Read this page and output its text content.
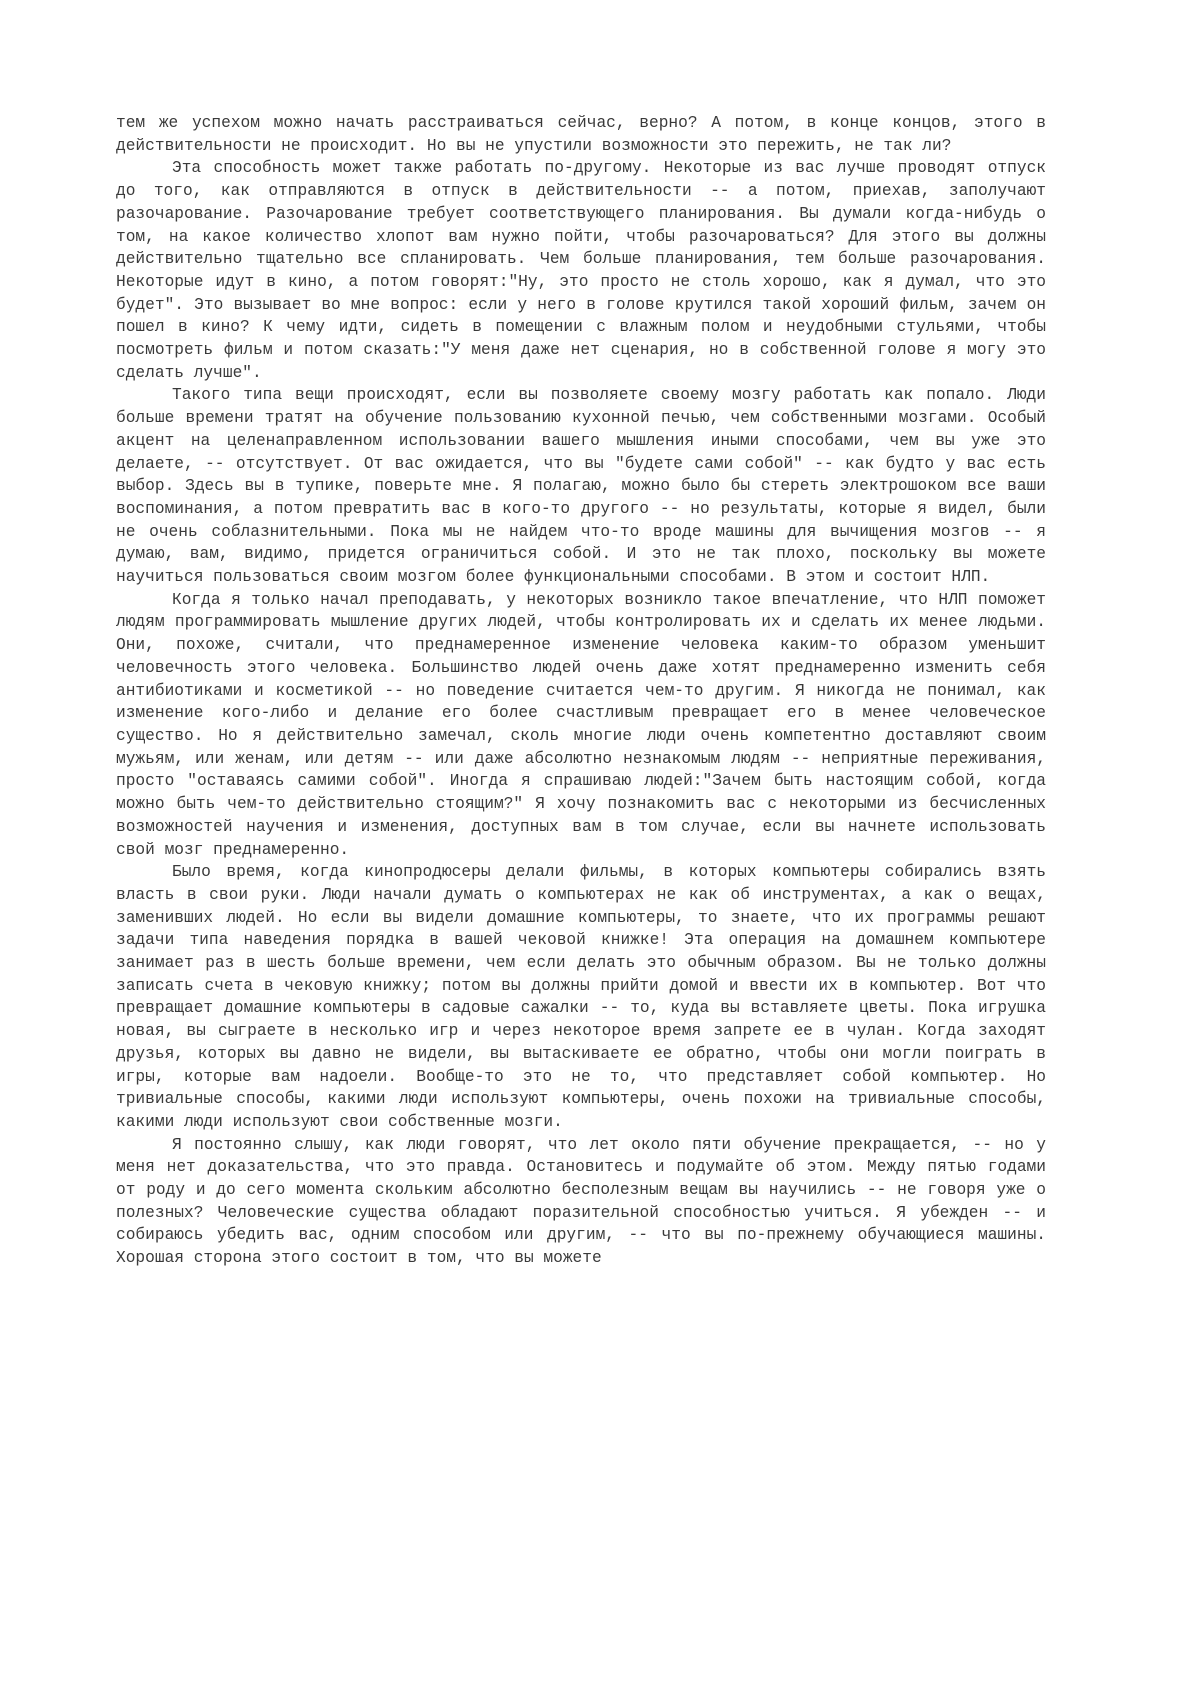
тем же успехом можно начать расстраиваться сейчас, верно? А потом, в конце концов, этого в действительности не происходит. Но вы не упустили возможности это пережить, не так ли?

Эта способность может также работать по-другому. Некоторые из вас лучше проводят отпуск до того, как отправляются в отпуск в действительности -- а потом, приехав, заполучают разочарование. Разочарование требует соответствующего планирования. Вы думали когда-нибудь о том, на какое количество хлопот вам нужно пойти, чтобы разочароваться? Для этого вы должны действительно тщательно все спланировать. Чем больше планирования, тем больше разочарования. Некоторые идут в кино, а потом говорят:"Ну, это просто не столь хорошо, как я думал, что это будет". Это вызывает во мне вопрос: если у него в голове крутился такой хороший фильм, зачем он пошел в кино? К чему идти, сидеть в помещении с влажным полом и неудобными стульями, чтобы посмотреть фильм и потом сказать:"У меня даже нет сценария, но в собственной голове я могу это сделать лучше".

Такого типа вещи происходят, если вы позволяете своему мозгу работать как попало. Люди больше времени тратят на обучение пользованию кухонной печью, чем собственными мозгами. Особый акцент на целенаправленном использовании вашего мышления иными способами, чем вы уже это делаете, -- отсутствует. От вас ожидается, что вы "будете сами собой" -- как будто у вас есть выбор. Здесь вы в тупике, поверьте мне. Я полагаю, можно было бы стереть электрошоком все ваши воспоминания, а потом превратить вас в кого-то другого -- но результаты, которые я видел, были не очень соблазнительными. Пока мы не найдем что-то вроде машины для вычищения мозгов -- я думаю, вам, видимо, придется ограничиться собой. И это не так плохо, поскольку вы можете научиться пользоваться своим мозгом более функциональными способами. В этом и состоит НЛП.

Когда я только начал преподавать, у некоторых возникло такое впечатление, что НЛП поможет людям программировать мышление других людей, чтобы контролировать их и сделать их менее людьми. Они, похоже, считали, что преднамеренное изменение человека каким-то образом уменьшит человечность этого человека. Большинство людей очень даже хотят преднамеренно изменить себя антибиотиками и косметикой -- но поведение считается чем-то другим. Я никогда не понимал, как изменение кого-либо и делание его более счастливым превращает его в менее человеческое существо. Но я действительно замечал, сколь многие люди очень компетентно доставляют своим мужьям, или женам, или детям -- или даже абсолютно незнакомым людям -- неприятные переживания, просто "оставаясь самими собой". Иногда я спрашиваю людей:"Зачем быть настоящим собой, когда можно быть чем-то действительно стоящим?" Я хочу познакомить вас с некоторыми из бесчисленных возможностей научения и изменения, доступных вам в том случае, если вы начнете использовать свой мозг преднамеренно.

Было время, когда кинопродюсеры делали фильмы, в которых компьютеры собирались взять власть в свои руки. Люди начали думать о компьютерах не как об инструментах, а как о вещах, заменивших людей. Но если вы видели домашние компьютеры, то знаете, что их программы решают задачи типа наведения порядка в вашей чековой книжке! Эта операция на домашнем компьютере занимает раз в шесть больше времени, чем если делать это обычным образом. Вы не только должны записать счета в чековую книжку; потом вы должны прийти домой и ввести их в компьютер. Вот что превращает домашние компьютеры в садовые сажалки -- то, куда вы вставляете цветы. Пока игрушка новая, вы сыграете в несколько игр и через некоторое время запрете ее в чулан. Когда заходят друзья, которых вы давно не видели, вы вытаскиваете ее обратно, чтобы они могли поиграть в игры, которые вам надоели. Вообще-то это не то, что представляет собой компьютер. Но тривиальные способы, какими люди используют компьютеры, очень похожи на тривиальные способы, какими люди используют свои собственные мозги.

Я постоянно слышу, как люди говорят, что лет около пяти обучение прекращается, -- но у меня нет доказательства, что это правда. Остановитесь и подумайте об этом. Между пятью годами от роду и до сего момента скольким абсолютно бесполезным вещам вы научились -- не говоря уже о полезных? Человеческие существа обладают поразительной способностью учиться. Я убежден -- и собираюсь убедить вас, одним способом или другим, -- что вы по-прежнему обучающиеся машины. Хорошая сторона этого состоит в том, что вы можете
